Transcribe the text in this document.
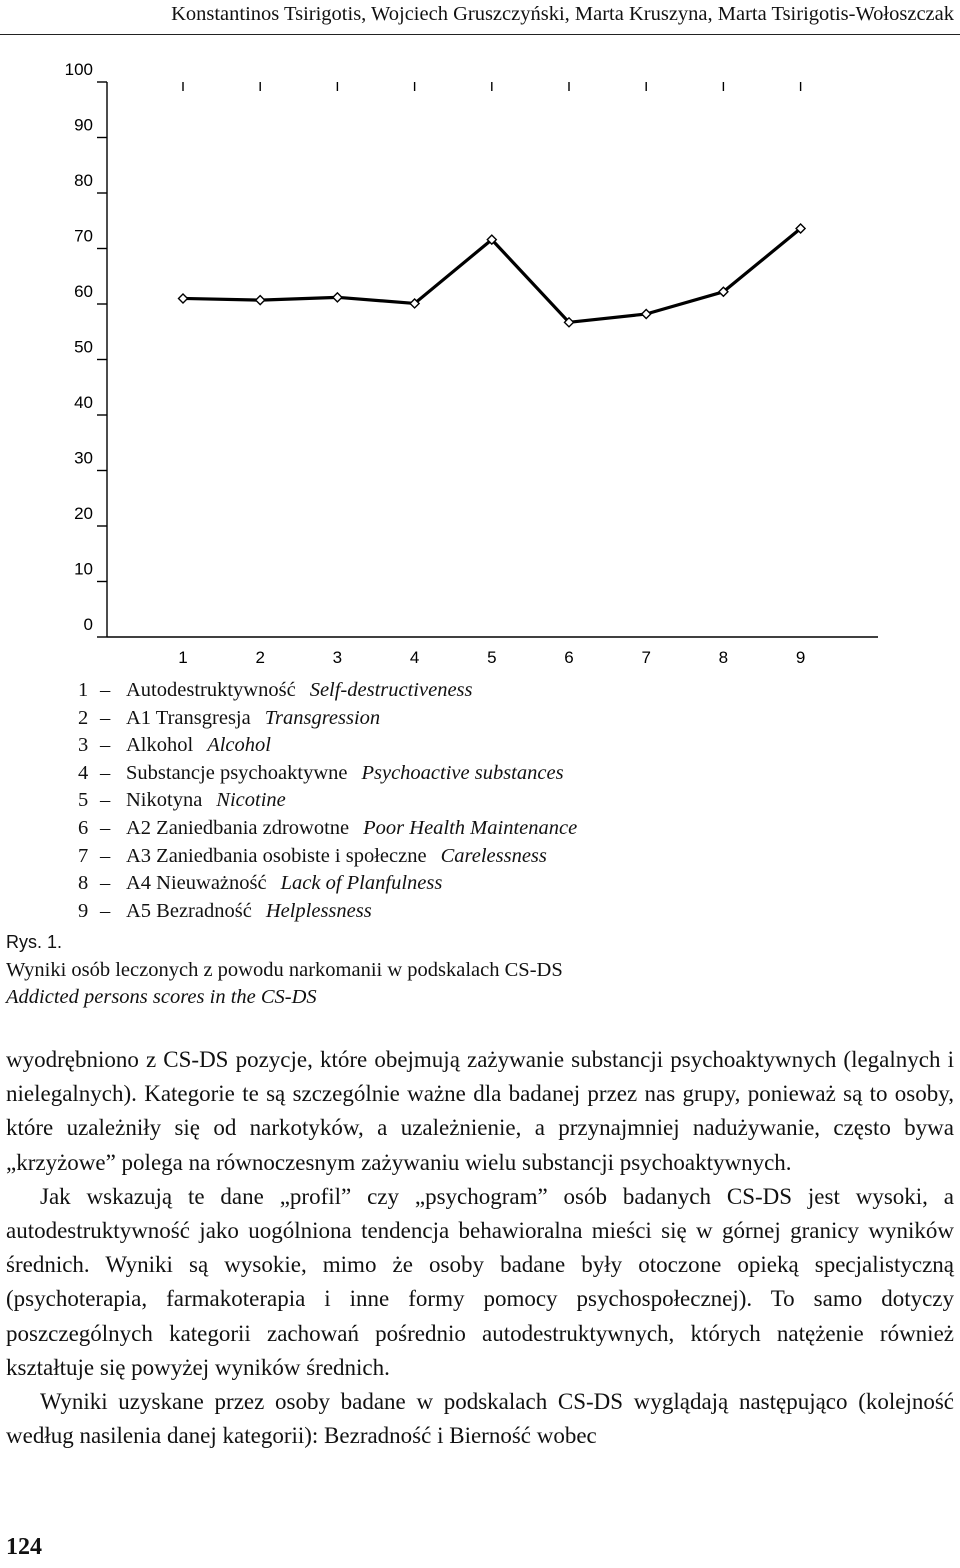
Konstantinos Tsirigotis, Wojciech Gruszczyński, Marta Kruszyna, Marta Tsirigotis-Wołoszczak
0
10
20
30
40
50
60
70
80
90
100
1	2	3	4	5	6	7	8	9
1 – Autodestruktywność Self-destructiveness
2 – A1 Transgresja Transgression
3 – Alkohol Alcohol
4 – Substancje psychoaktywne Psychoactive substances
5 – Nikotyna Nicotine
6 – A2 Zaniedbania zdrowotne Poor Health Maintenance
7 – A3 Zaniedbania osobiste i społeczne Carelessness
8 – A4 Nieuważność Lack of Planfulness
9 – A5 Bezradność Helplessness
Rys. 1.
Wyniki osób leczonych z powodu narkomanii w podskalach CS-DS
Addicted persons scores in the CS-DS

wyodrębniono z CS-DS pozycje, które obejmują zażywanie substancji psychoaktywnych (legalnych i nielegalnych). Kategorie te są szczególnie ważne dla badanej przez nas grupy, ponieważ są to osoby, które uzależniły się od narkotyków, a uzależnienie, a przynajmniej nadużywanie, często bywa „krzyżowe” polega na równoczesnym zażywaniu wielu substancji psychoaktywnych.

Jak wskazują te dane „profil” czy „psychogram” osób badanych CS-DS jest wysoki, a autodestruktywność jako uogólniona tendencja behawioralna mieści się w górnej granicy wyników średnich. Wyniki są wysokie, mimo że osoby badane były otoczone opieką specjalistyczną (psychoterapia, farmakoterapia i inne formy pomocy psychospołecznej). To samo dotyczy poszczególnych kategorii zachowań pośrednio autodestruktywnych, których natężenie również kształtuje się powyżej wyników średnich.

Wyniki uzyskane przez osoby badane w podskalach CS-DS wyglądają następująco (kolejność według nasilenia danej kategorii): Bezradność i Bierność wobec

124
